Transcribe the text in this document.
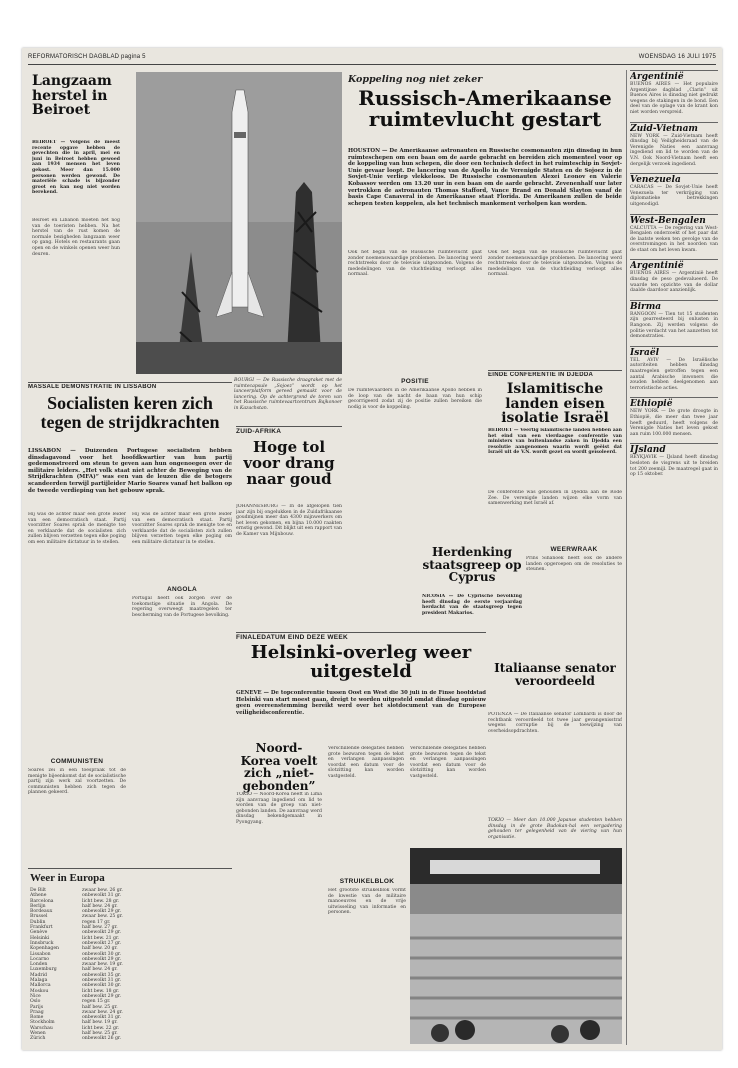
REFORMATORISCH DAGBLAD pagina 5	WOENSDAG 16 JULI 1975
Langzaam herstel in Beiroet
BEIROET — Volgens de meest recente opgave hebben de gevechten die in april, mei en juni in Beiroet hebben gewoed aan 1934 mensen het leven gekost. Meer dan 15.000 personen werden gewond. De materiële schade is bijzonder groot en kan nog niet worden berekend.
Beiroet en Libanon moeten het nog van de toeristen hebben. Na het herstel van de rust komen de normale bezigheden langzaam weer op gang. Hotels en restaurants gaan open en de winkels openen weer hun deuren.
BOURGI — De Russische draagraket met de ruimtecapsule „Sojoez” wordt op het lanceerplatform gereed gemaakt voor de lancering. Op de achtergrond de toren van het Russische ruimtevaartcentrum Bajkonoer in Kazachstan.
Koppeling nog niet zeker
Russisch-Amerikaanse ruimtevlucht gestart
HOUSTON — De Amerikaanse astronauten en Russische cosmonauten zijn dinsdag in hun ruimteschepen om een baan om de aarde gebracht en bereiden zich momenteel voor op de koppeling van hun schepen, die door een technisch defect in het ruimteschip in Sovjet-Unie gevaar loopt. De lancering van de Apollo in de Verenigde Staten en de Sojoez in de Sovjet-Unie verliep vlekkeloos. De Russische cosmonauten Alexei Leonov en Valerie Kobassov werden om 13.20 uur in een baan om de aarde gebracht. Zevenenhalf uur later vertrokken de astronauten Thomas Stafford, Vance Brand en Donald Slayton vanaf de basis Cape Canaveral in de Amerikaanse staat Florida. De Amerikanen zullen de beide schepen testen koppelen, als het technisch mankement verholpen kan worden.
Ook het begin van de Russische ruimtevlucht gaat zonder noemenswaardige problemen. De lancering werd rechtstreeks door de televisie uitgezonden. Volgens de mededelingen van de vluchtleiding verloopt alles normaal.
Ook het begin van de Russische ruimtevlucht gaat zonder noemenswaardige problemen. De lancering werd rechtstreeks door de televisie uitgezonden. Volgens de mededelingen van de vluchtleiding verloopt alles normaal.
Argentinië
BUENOS AIRES — Het populaire Argentijnse dagblad „Clarin” uit Buenos Aires is dinsdag niet gedrukt wegens de stakingen in de bond. Een deel van de oplage van de krant kon niet worden verspreid.
Zuid-Vietnam
NEW YORK — Zuid-Vietnam heeft dinsdag bij Veiligheidsraad van de Verenigde Naties een aanvraag ingediend om lid te worden van de V.N. Ook Noord-Vietnam heeft een dergelijk verzoek ingediend.
Venezuela
CARACAS — De Sovjet-Unie heeft Venezuela ter verkrijging van diplomatieke betrekkingen uitgenodigd.
West-Bengalen
CALCUTTA — De regering van West-Bengalen onderzoekt of het paar dat de laatste weken ten gevolge van de overstromingen in het noorden van de staat om het leven kwam.
Argentinië
BUENOS AIRES — Argentinië heeft dinsdag de peso gedevalueerd. De waarde ten opzichte van de dollar daalde daardoor aanzienlijk.
Birma
RANGOON — Tien tot 15 studenten zijn gearresteerd bij onlusten in Rangoon. Zij werden volgens de politie verdacht van het aanzetten tot demonstraties.
Israël
TEL AVIV — De Israëlische autoriteiten hebben dinsdag maatregelen getroffen tegen een aantal Arabische inwoners die zouden hebben deelgenomen aan terroristische acties.
Ethiopië
NEW YORK — De grote droogte in Ethiopië, die meer dan twee jaar heeft geduurd, heeft volgens de Verenigde Naties het leven gekost aan ruim 100.000 mensen.
IJsland
REYKJAVIK — IJsland heeft dinsdag besloten de visgrens uit te breiden tot 200 zeemijl. De maatregel gaat in op 15 oktober.
MASSALE DEMONSTRATIE IN LISSABON
Socialisten keren zich tegen de strijdkrachten
LISSABON — Duizenden Portugese socialisten hebben dinsdagavond voor het hoofdkwartier van hun partij gedemonstreerd om steun te geven aan hun ongenoegen over de militaire leiders. „Het volk staat niet achter de Beweging van de Strijdkrachten (MFA)” was een van de leuzen die de betogers scandeerden terwijl partijleider Mario Soares vanaf het balkon op de tweede verdieping van het gebouw sprak.
Hij was de achter maar één grote leider van een democratisch staat. Partij voorzitter Soares sprak de menigte toe en verklaarde dat de socialisten zich zullen blijven verzetten tegen elke poging om een militaire dictatuur in te stellen.
COMMUNISTEN
Soares zei in een toespraak tot de menigte bijeenkomst dat de socialistische partij zijn werk zal voortzetten. De communisten hebben zich tegen de plannen gekeerd.
Hij was de achter maar één grote leider van een democratisch staat. Partij voorzitter Soares sprak de menigte toe en verklaarde dat de socialisten zich zullen blijven verzetten tegen elke poging om een militaire dictatuur in te stellen.
ANGOLA
Portugal heeft ook zorgen over de toekomstige situatie in Angola. De regering overweegt maatregelen ter bescherming van de Portugese bevolking.
ZUID-AFRIKA
Hoge tol voor drang naar goud
JOHANNESBURG — In de afgelopen tien jaar zijn bij ongelukken in de Zuidafrikaanse goudmijnen meer dan 4300 mijnwerkers om het leven gekomen, en bijna 10.000 raakten ernstig gewond. Dit blijkt uit een rapport van de Kamer van Mijnbouw.
POSITIE
De ruimtevaarders in de Amerikaanse Apollo hebben in de loop van de nacht de baan van hun schip gecorrigeerd zodat zij de positie zullen bereiken die nodig is voor de koppeling.
EINDE CONFERENTIE IN DJEDDA
Islamitische landen eisen isolatie Israël
BEIROET — Veertig islamitische landen hebben aan het eind van een vierdaagse conferentie van ministers van buitenlandse zaken in Djedda een resolutie aangenomen waarin wordt geëist dat Israël uit de V.N. wordt gezet en wordt geïsoleerd.
De conferentie was gehouden in Djedda aan de Rode Zee. De verenigde landen wijzen elke vorm van samenwerking met Israël af.
Herdenking staatsgreep op Cyprus
NICOSIA — De Cyprische bevolking heeft dinsdag de eerste verjaardag herdacht van de staatsgreep tegen president Makarios.
WEERWRAAK
Prins Sihanoek heeft ook de andere landen opgeroepen om de resoluties te steunen.
Italiaanse senator veroordeeld
POTENZA — De Italiaanse senator Lombardi is door de rechtbank veroordeeld tot twee jaar gevangenisstraf wegens corruptie bij de toewijzing van overheidsopdrachten.
FINALEDATUM EIND DEZE WEEK
Helsinki-overleg weer uitgesteld
GENÈVE — De topconferentie tussen Oost en West die 30 juli in de Finse hoofdstad Helsinki van start moest gaan, dreigt te worden uitgesteld omdat dinsdag opnieuw geen overeenstemming bereikt werd over het slotdocument van de Europese veiligheidsconferentie.
Verschillende delegaties hebben grote bezwaren tegen de tekst en verlangen aanpassingen voordat een datum voor de slotzitting kan worden vastgesteld.
Verschillende delegaties hebben grote bezwaren tegen de tekst en verlangen aanpassingen voordat een datum voor de slotzitting kan worden vastgesteld.
Noord-Korea voelt zich „niet-gebonden”
TOKIO — Noord-Korea heeft in Lima zijn aanvraag ingediend om lid te worden van de groep van niet-gebonden landen. De aanvraag werd dinsdag bekendgemaakt in Pyongyang.
STRUIKELBLOK
Het grootste struikelblok vormt de kwestie van de militaire manoeuvres en de vrije uitwisseling van informatie en personen.
TOKIO — Meer dan 10.000 Japanse studenten hebben dinsdag in de grote Budokan-hal een vergadering gehouden ter gelegenheid van de viering van hun organisatie.
Weer in Europa
De Bilt	zwaar bew. 26 gr.
Athene	onbewolkt 31 gr.
Barcelona	licht bew. 28 gr.
Berlijn	half bew. 24 gr.
Bordeaux	onbewolkt 29 gr.
Brussel	zwaar bew. 25 gr.
Dublin	regen 17 gr.
Frankfurt	half bew. 27 gr.
Genève	onbewolkt 29 gr.
Helsinki	licht bew. 21 gr.
Innsbruck	onbewolkt 27 gr.
Kopenhagen	half bew. 20 gr.
Lissabon	onbewolkt 30 gr.
Locarno	onbewolkt 29 gr.
Londen	zwaar bew. 19 gr.
Luxemburg	half bew. 24 gr.
Madrid	onbewolkt 35 gr.
Malaga	onbewolkt 31 gr.
Mallorca	onbewolkt 30 gr.
Moskou	licht bew. 18 gr.
Nice	onbewolkt 29 gr.
Oslo	regen 15 gr.
Parijs	half bew. 25 gr.
Praag	zwaar bew. 24 gr.
Rome	onbewolkt 31 gr.
Stockholm	half bew. 19 gr.
Warschau	licht bew. 22 gr.
Wenen	half bew. 25 gr.
Zürich	onbewolkt 26 gr.
